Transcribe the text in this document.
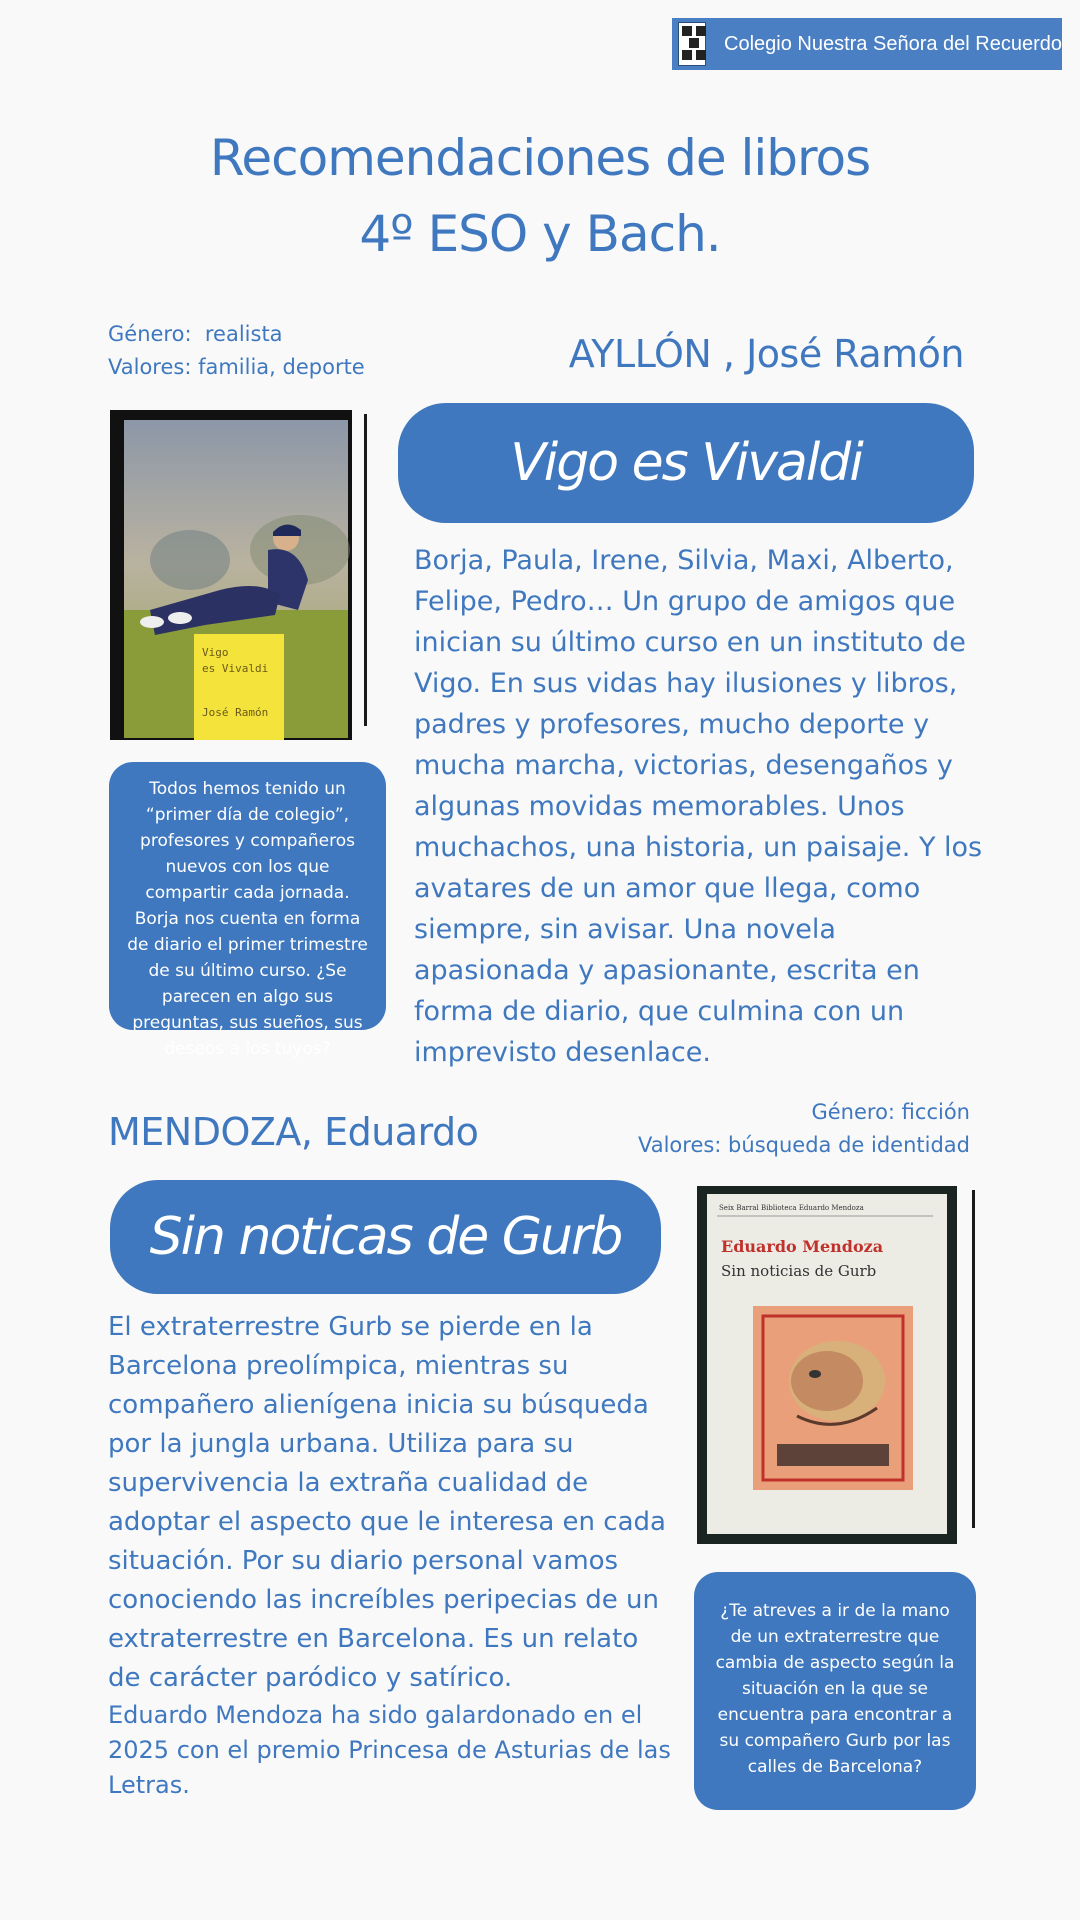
Colegio Nuestra Señora del Recuerdo
Recomendaciones de libros
4º ESO y Bach.
Género:  realista
Valores: familia, deporte	AYLLÓN , José Ramón
Vigo
es Vivaldi
José Ramón
Vigo es Vivaldi
Borja, Paula, Irene, Silvia, Maxi, Alberto, Felipe, Pedro… Un grupo de amigos que inician su último curso en un instituto de Vigo. En sus vidas hay ilusiones y libros, padres y profesores, mucho deporte y mucha marcha, victorias, desengaños y algunas movidas memorables. Unos muchachos, una historia, un paisaje. Y los avatares de un amor que llega, como siempre, sin avisar. Una novela apasionada y apasionante, escrita en forma de diario, que culmina con un imprevisto desenlace.
Todos hemos tenido un “primer día de colegio”, profesores y compañeros nuevos con los que compartir cada jornada. Borja nos cuenta en forma de diario el primer trimestre de su último curso. ¿Se parecen en algo sus preguntas, sus sueños, sus deseos a los tuyos?
Género: ficción
Valores: búsqueda de identidad
MENDOZA, Eduardo
Sin noticas de Gurb
El extraterrestre Gurb se pierde en la Barcelona preolímpica, mientras su compañero alienígena inicia su búsqueda por la jungla urbana. Utiliza para su supervivencia la extraña cualidad de adoptar el aspecto que le interesa en cada situación. Por su diario personal vamos conociendo las increíbles peripecias de un extraterrestre en Barcelona. Es un relato de carácter paródico y satírico.
Eduardo Mendoza ha sido galardonado en el 2025 con el premio Princesa de Asturias de las Letras.
Seix Barral Biblioteca Eduardo Mendoza
Eduardo Mendoza
Sin noticias de Gurb
¿Te atreves a ir de la mano de un extraterrestre que cambia de aspecto según la situación en la que se encuentra para encontrar a su compañero Gurb por las calles de Barcelona?
